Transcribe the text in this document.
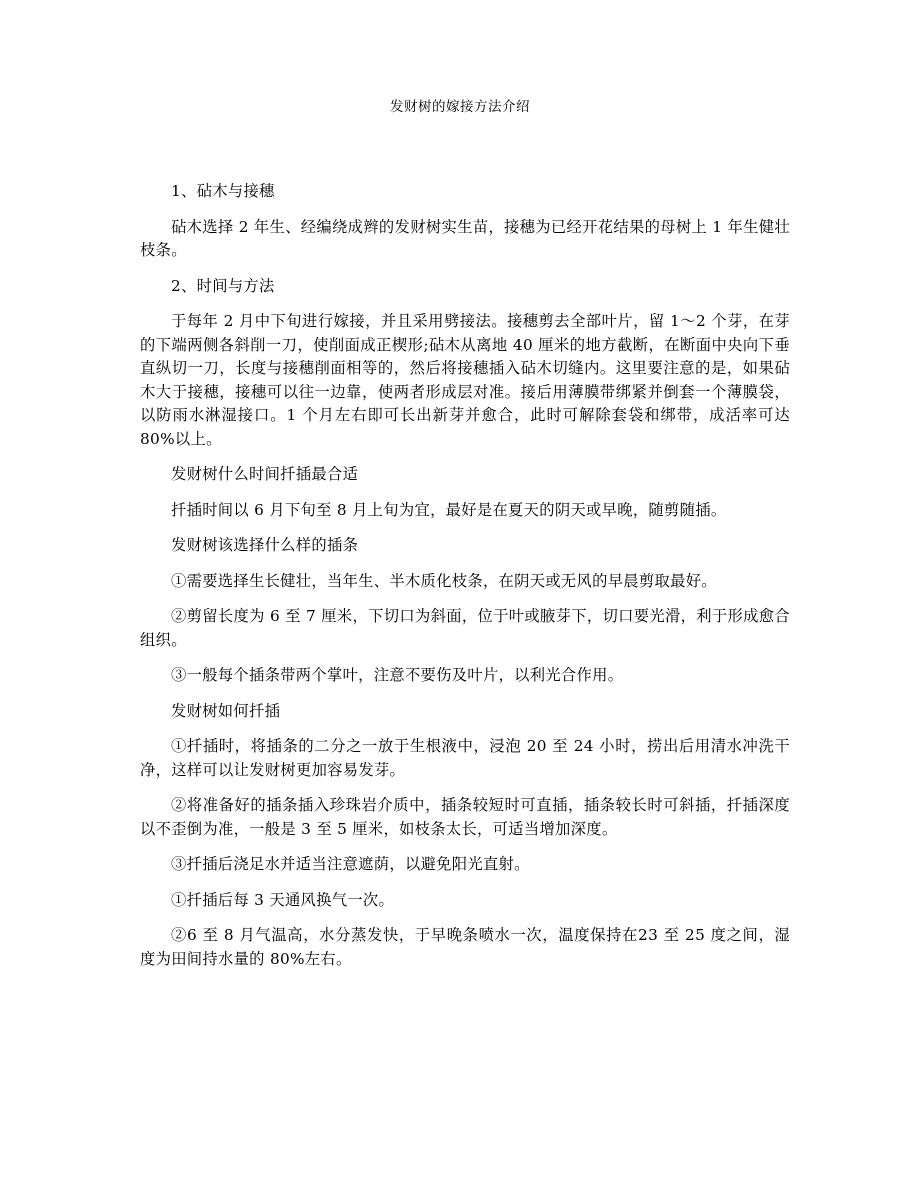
发财树的嫁接方法介绍

1、砧木与接穗

砧木选择 2 年生、经编绕成辫的发财树实生苗，接穗为已经开花结果的母树上 1 年生健壮枝条。

2、时间与方法

于每年 2 月中下旬进行嫁接，并且采用劈接法。接穗剪去全部叶片，留 1～2 个芽，在芽的下端两侧各斜削一刀，使削面成正楔形;砧木从离地 40 厘米的地方截断，在断面中央向下垂直纵切一刀，长度与接穗削面相等的，然后将接穗插入砧木切缝内。这里要注意的是，如果砧木大于接穗，接穗可以往一边靠，使两者形成层对准。接后用薄膜带绑紧并倒套一个薄膜袋，以防雨水淋湿接口。1 个月左右即可长出新芽并愈合，此时可解除套袋和绑带，成活率可达 80%以上。

发财树什么时间扦插最合适

扦插时间以 6 月下旬至 8 月上旬为宜，最好是在夏天的阴天或早晚，随剪随插。

发财树该选择什么样的插条

①需要选择生长健壮，当年生、半木质化枝条，在阴天或无风的早晨剪取最好。

②剪留长度为 6 至 7 厘米，下切口为斜面，位于叶或腋芽下，切口要光滑，利于形成愈合组织。

③一般每个插条带两个掌叶，注意不要伤及叶片，以利光合作用。

发财树如何扦插

①扦插时，将插条的二分之一放于生根液中，浸泡 20 至 24 小时，捞出后用清水冲洗干净，这样可以让发财树更加容易发芽。

②将准备好的插条插入珍珠岩介质中，插条较短时可直插，插条较长时可斜插，扦插深度以不歪倒为准，一般是 3 至 5 厘米，如枝条太长，可适当增加深度。

③扦插后浇足水并适当注意遮荫，以避免阳光直射。

①扦插后每 3 天通风换气一次。

②6 至 8 月气温高，水分蒸发快，于早晚条喷水一次，温度保持在23 至 25 度之间，湿度为田间持水量的 80%左右。
